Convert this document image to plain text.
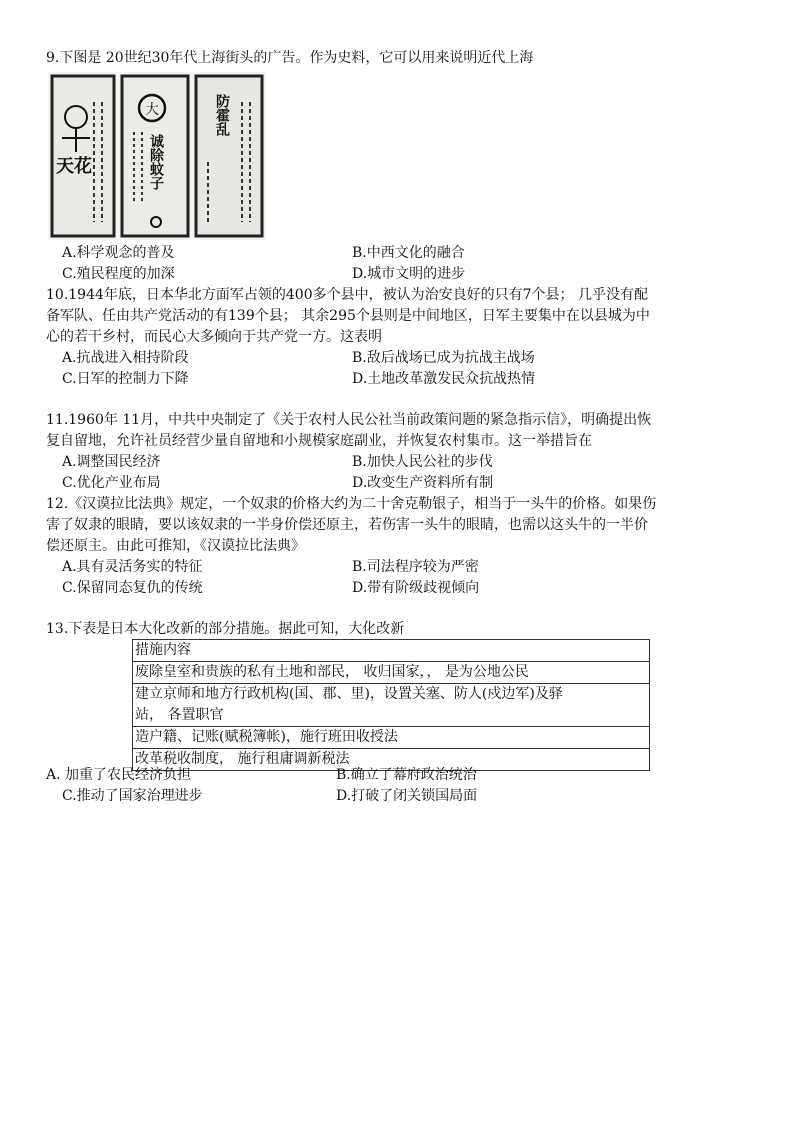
9.下图是 20世纪30年代上海街头的广告。作为史料，它可以用来说明近代上海

天花
大
诚除蚊子
防霍乱
A.科学观念的普及	B.中西文化的融合
C.殖民程度的加深	D.城市文明的进步

10.1944年底，日本华北方面军占领的400多个县中，被认为治安良好的只有7个县； 几乎没有配

备军队、任由共产党活动的有139个县； 其余295个县则是中间地区，日军主要集中在以县城为中

心的若干乡村，而民心大多倾向于共产党一方。这表明

A.抗战进入相持阶段	B.敌后战场已成为抗战主战场
C.日军的控制力下降	D.土地改革激发民众抗战热情

11.1960年 11月，中共中央制定了《关于农村人民公社当前政策问题的紧急指示信》，明确提出恢

复自留地，允许社员经营少量自留地和小规模家庭副业，并恢复农村集市。这一举措旨在

A.调整国民经济	B.加快人民公社的步伐
C.优化产业布局	D.改变生产资料所有制

12.《汉谟拉比法典》规定，一个奴隶的价格大约为二十舍克勒银子，相当于一头牛的价格。如果伤

害了奴隶的眼睛，要以该奴隶的一半身价偿还原主，若伤害一头牛的眼睛，也需以这头牛的一半价

偿还原主。由此可推知，《汉谟拉比法典》

A.具有灵活务实的特征	B.司法程序较为严密
C.保留同态复仇的传统	D.带有阶级歧视倾向

13.下表是日本大化改新的部分措施。据此可知，大化改新

措施内容
废除皇室和贵族的私有土地和部民， 收归国家，， 是为公地公民

建立京师和地方行政机构(国、郡、里)，设置关塞、防人(戍边军)及驿
站， 各置职官

造户籍、记账(赋税簿帐)，施行班田收授法
改革税收制度， 施行租庸调新税法
A. 加重了农民经济负担	B.确立了幕府政治统治
C.推动了国家治理进步	D.打破了闭关锁国局面
